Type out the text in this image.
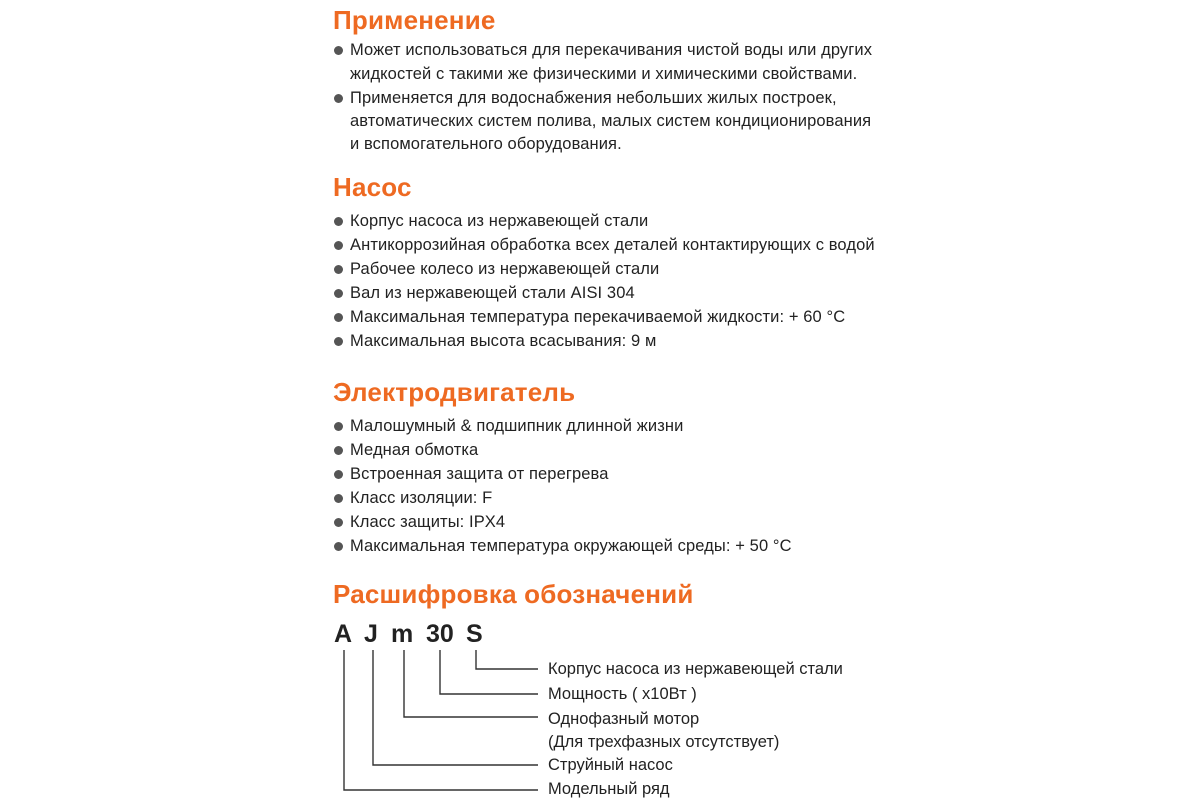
Применение
Может использоваться для перекачивания чистой воды или других
жидкостей с такими же физическими и химическими свойствами.
Применяется для водоснабжения небольших жилых построек,
автоматических систем полива, малых систем кондиционирования
и вспомогательного оборудования.
Насос
Корпус насоса из нержавеющей стали
Антикоррозийная обработка всех деталей контактирующих с водой
Рабочее колесо из нержавеющей стали
Вал из нержавеющей стали AISI 304
Максимальная температура перекачиваемой жидкости: + 60 °C
Максимальная высота всасывания: 9 м
Электродвигатель
Малошумный & подшипник длинной жизни
Медная обмотка
Встроенная защита от перегрева
Класс изоляции: F
Класс защиты: IPX4
Максимальная температура окружающей среды: + 50 °C
Расшифровка обозначений
A J m 30 S
Корпус насоса из нержавеющей стали
Мощность ( x10Вт )
Однофазный мотор
(Для трехфазных отсутствует)
Струйный насос
Модельный ряд
